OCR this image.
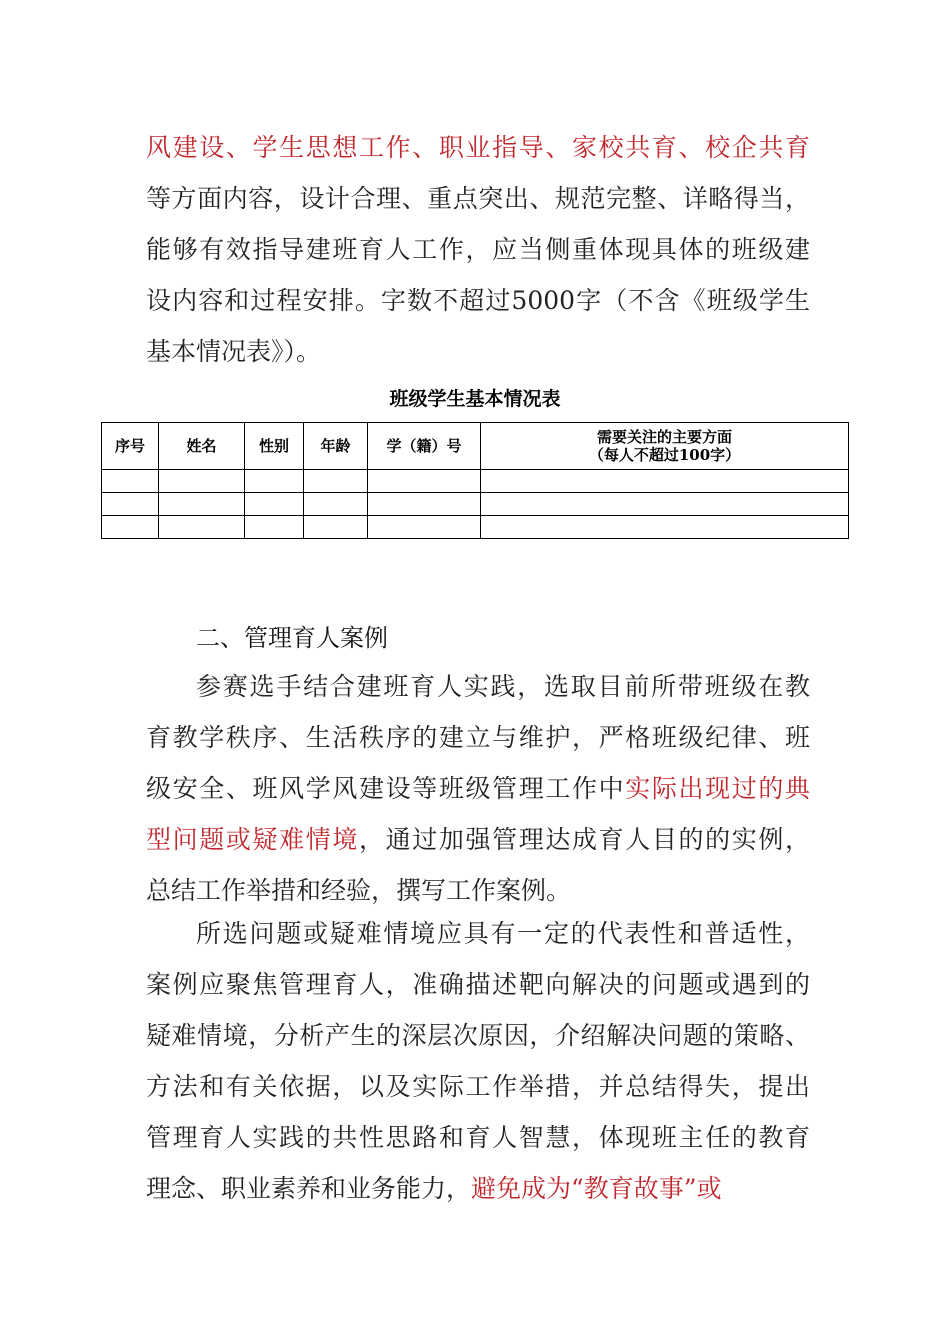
风建设、学生思想工作、职业指导、家校共育、校企共育
等方面内容，设计合理、重点突出、规范完整、详略得当，
能够有效指导建班育人工作，应当侧重体现具体的班级建
设内容和过程安排。字数不超过5000字（不含《班级学生
基本情况表》）。
班级学生基本情况表
序号	姓名	性别	年龄	学（籍）号	需要关注的主要方面
（每人不超过100字）

二、管理育人案例
参赛选手结合建班育人实践，选取目前所带班级在教
育教学秩序、生活秩序的建立与维护，严格班级纪律、班
级安全、班风学风建设等班级管理工作中实际出现过的典
型问题或疑难情境，通过加强管理达成育人目的的实例，
总结工作举措和经验，撰写工作案例。
所选问题或疑难情境应具有一定的代表性和普适性，
案例应聚焦管理育人，准确描述靶向解决的问题或遇到的
疑难情境，分析产生的深层次原因，介绍解决问题的策略、
方法和有关依据，以及实际工作举措，并总结得失，提出
管理育人实践的共性思路和育人智慧，体现班主任的教育
理念、职业素养和业务能力，避免成为“教育故事”或
